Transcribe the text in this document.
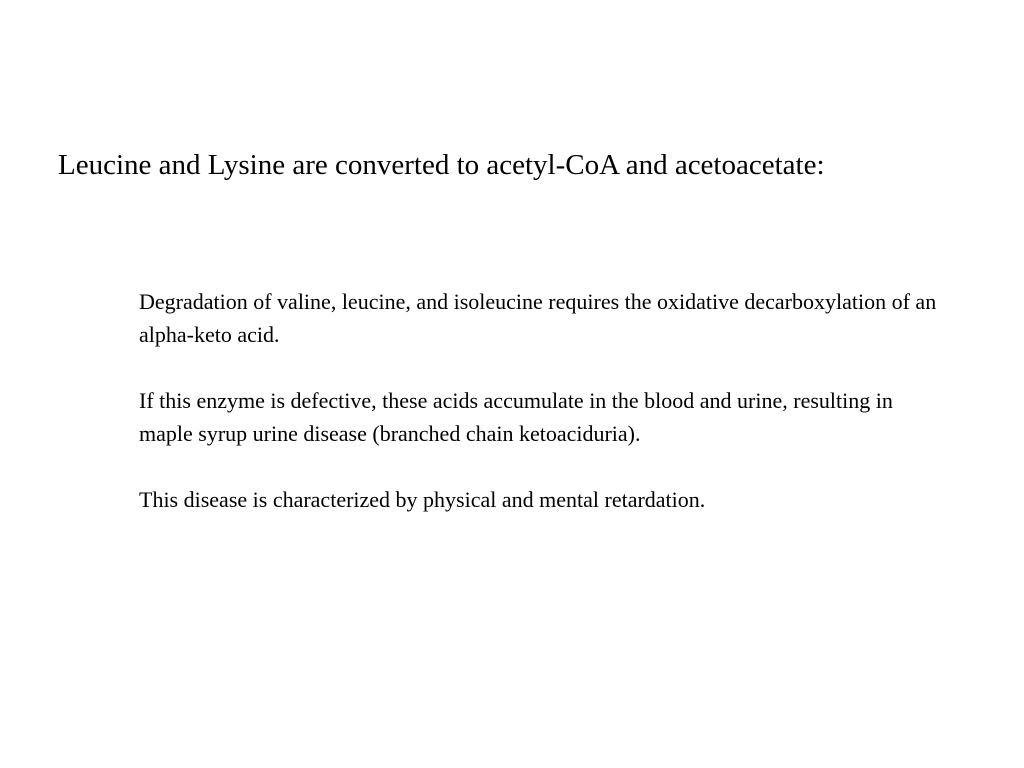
Leucine and Lysine are converted to acetyl-CoA and acetoacetate:

Degradation of valine, leucine, and isoleucine requires the oxidative decarboxylation of an alpha-keto acid.

If this enzyme is defective, these acids accumulate in the blood and urine, resulting in maple syrup urine disease (branched chain ketoaciduria).

This disease is characterized by physical and mental retardation.
